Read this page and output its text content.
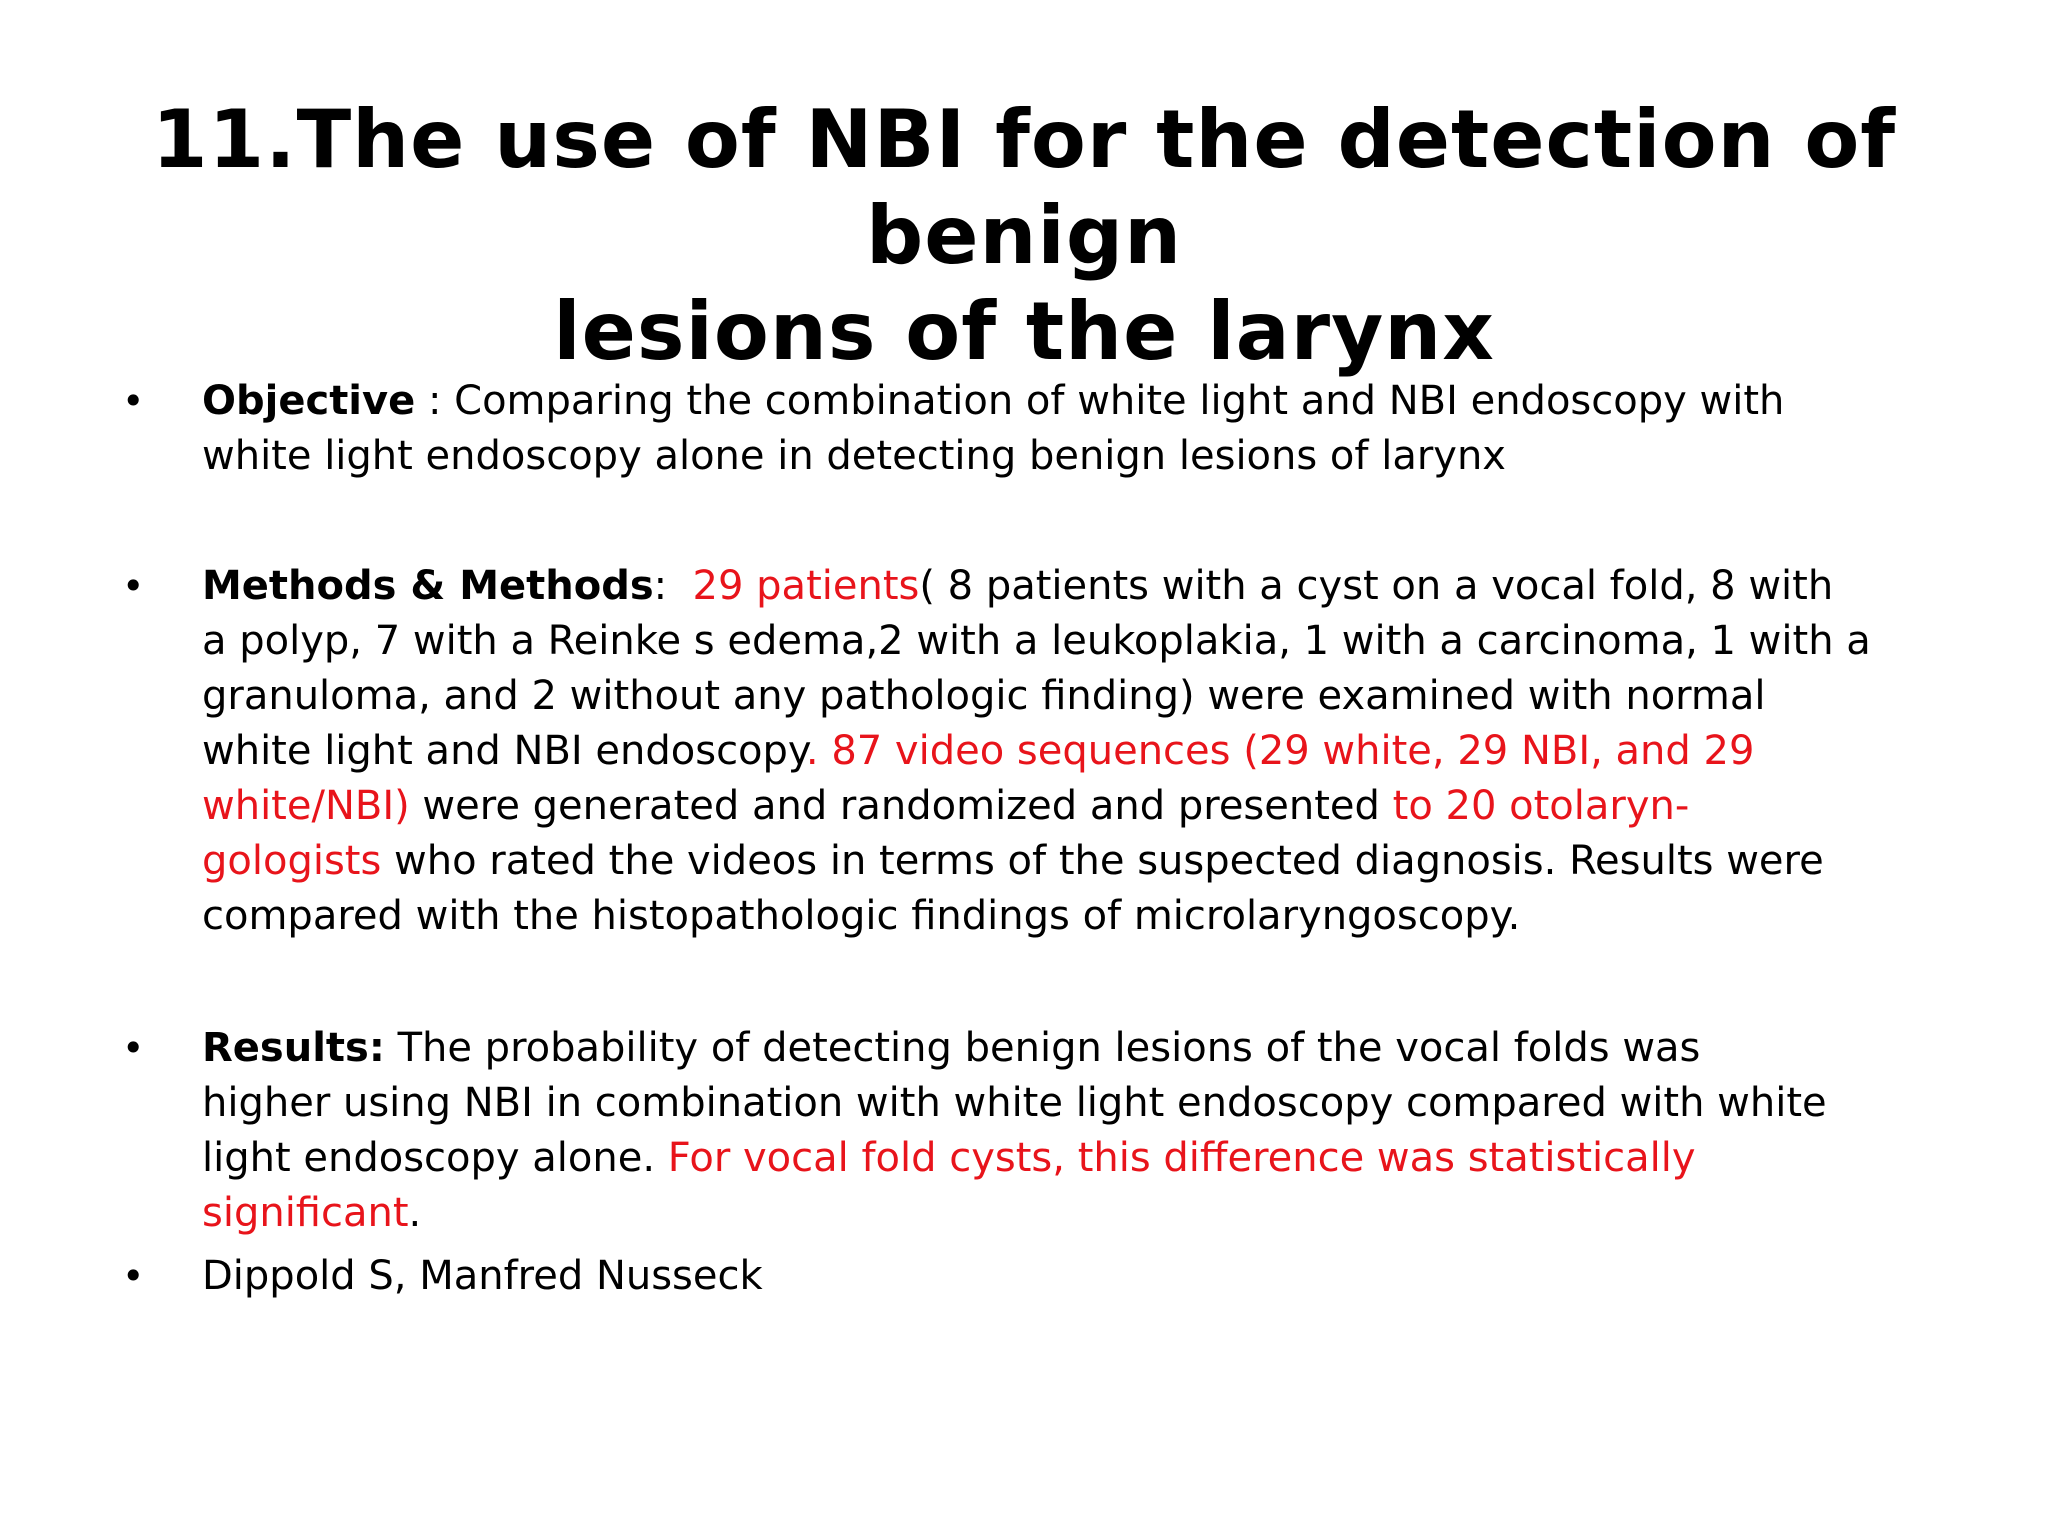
11.The use of NBI for the detection of benign
lesions of the larynx
• Objective : Comparing the combination of white light and NBI endoscopy with
white light endoscopy alone in detecting benign lesions of larynx
• Methods & Methods:  29 patients( 8 patients with a cyst on a vocal fold, 8 with
a polyp, 7 with a Reinke s edema,2 with a leukoplakia, 1 with a carcinoma, 1 with a
granuloma, and 2 without any pathologic finding) were examined with normal
white light and NBI endoscopy. 87 video sequences (29 white, 29 NBI, and 29
white/NBI) were generated and randomized and presented to 20 otolaryn-
gologists who rated the videos in terms of the suspected diagnosis. Results were
compared with the histopathologic findings of microlaryngoscopy.
• Results: The probability of detecting benign lesions of the vocal folds was
higher using NBI in combination with white light endoscopy compared with white
light endoscopy alone. For vocal fold cysts, this difference was statistically
significant.
• Dippold S, Manfred Nusseck
